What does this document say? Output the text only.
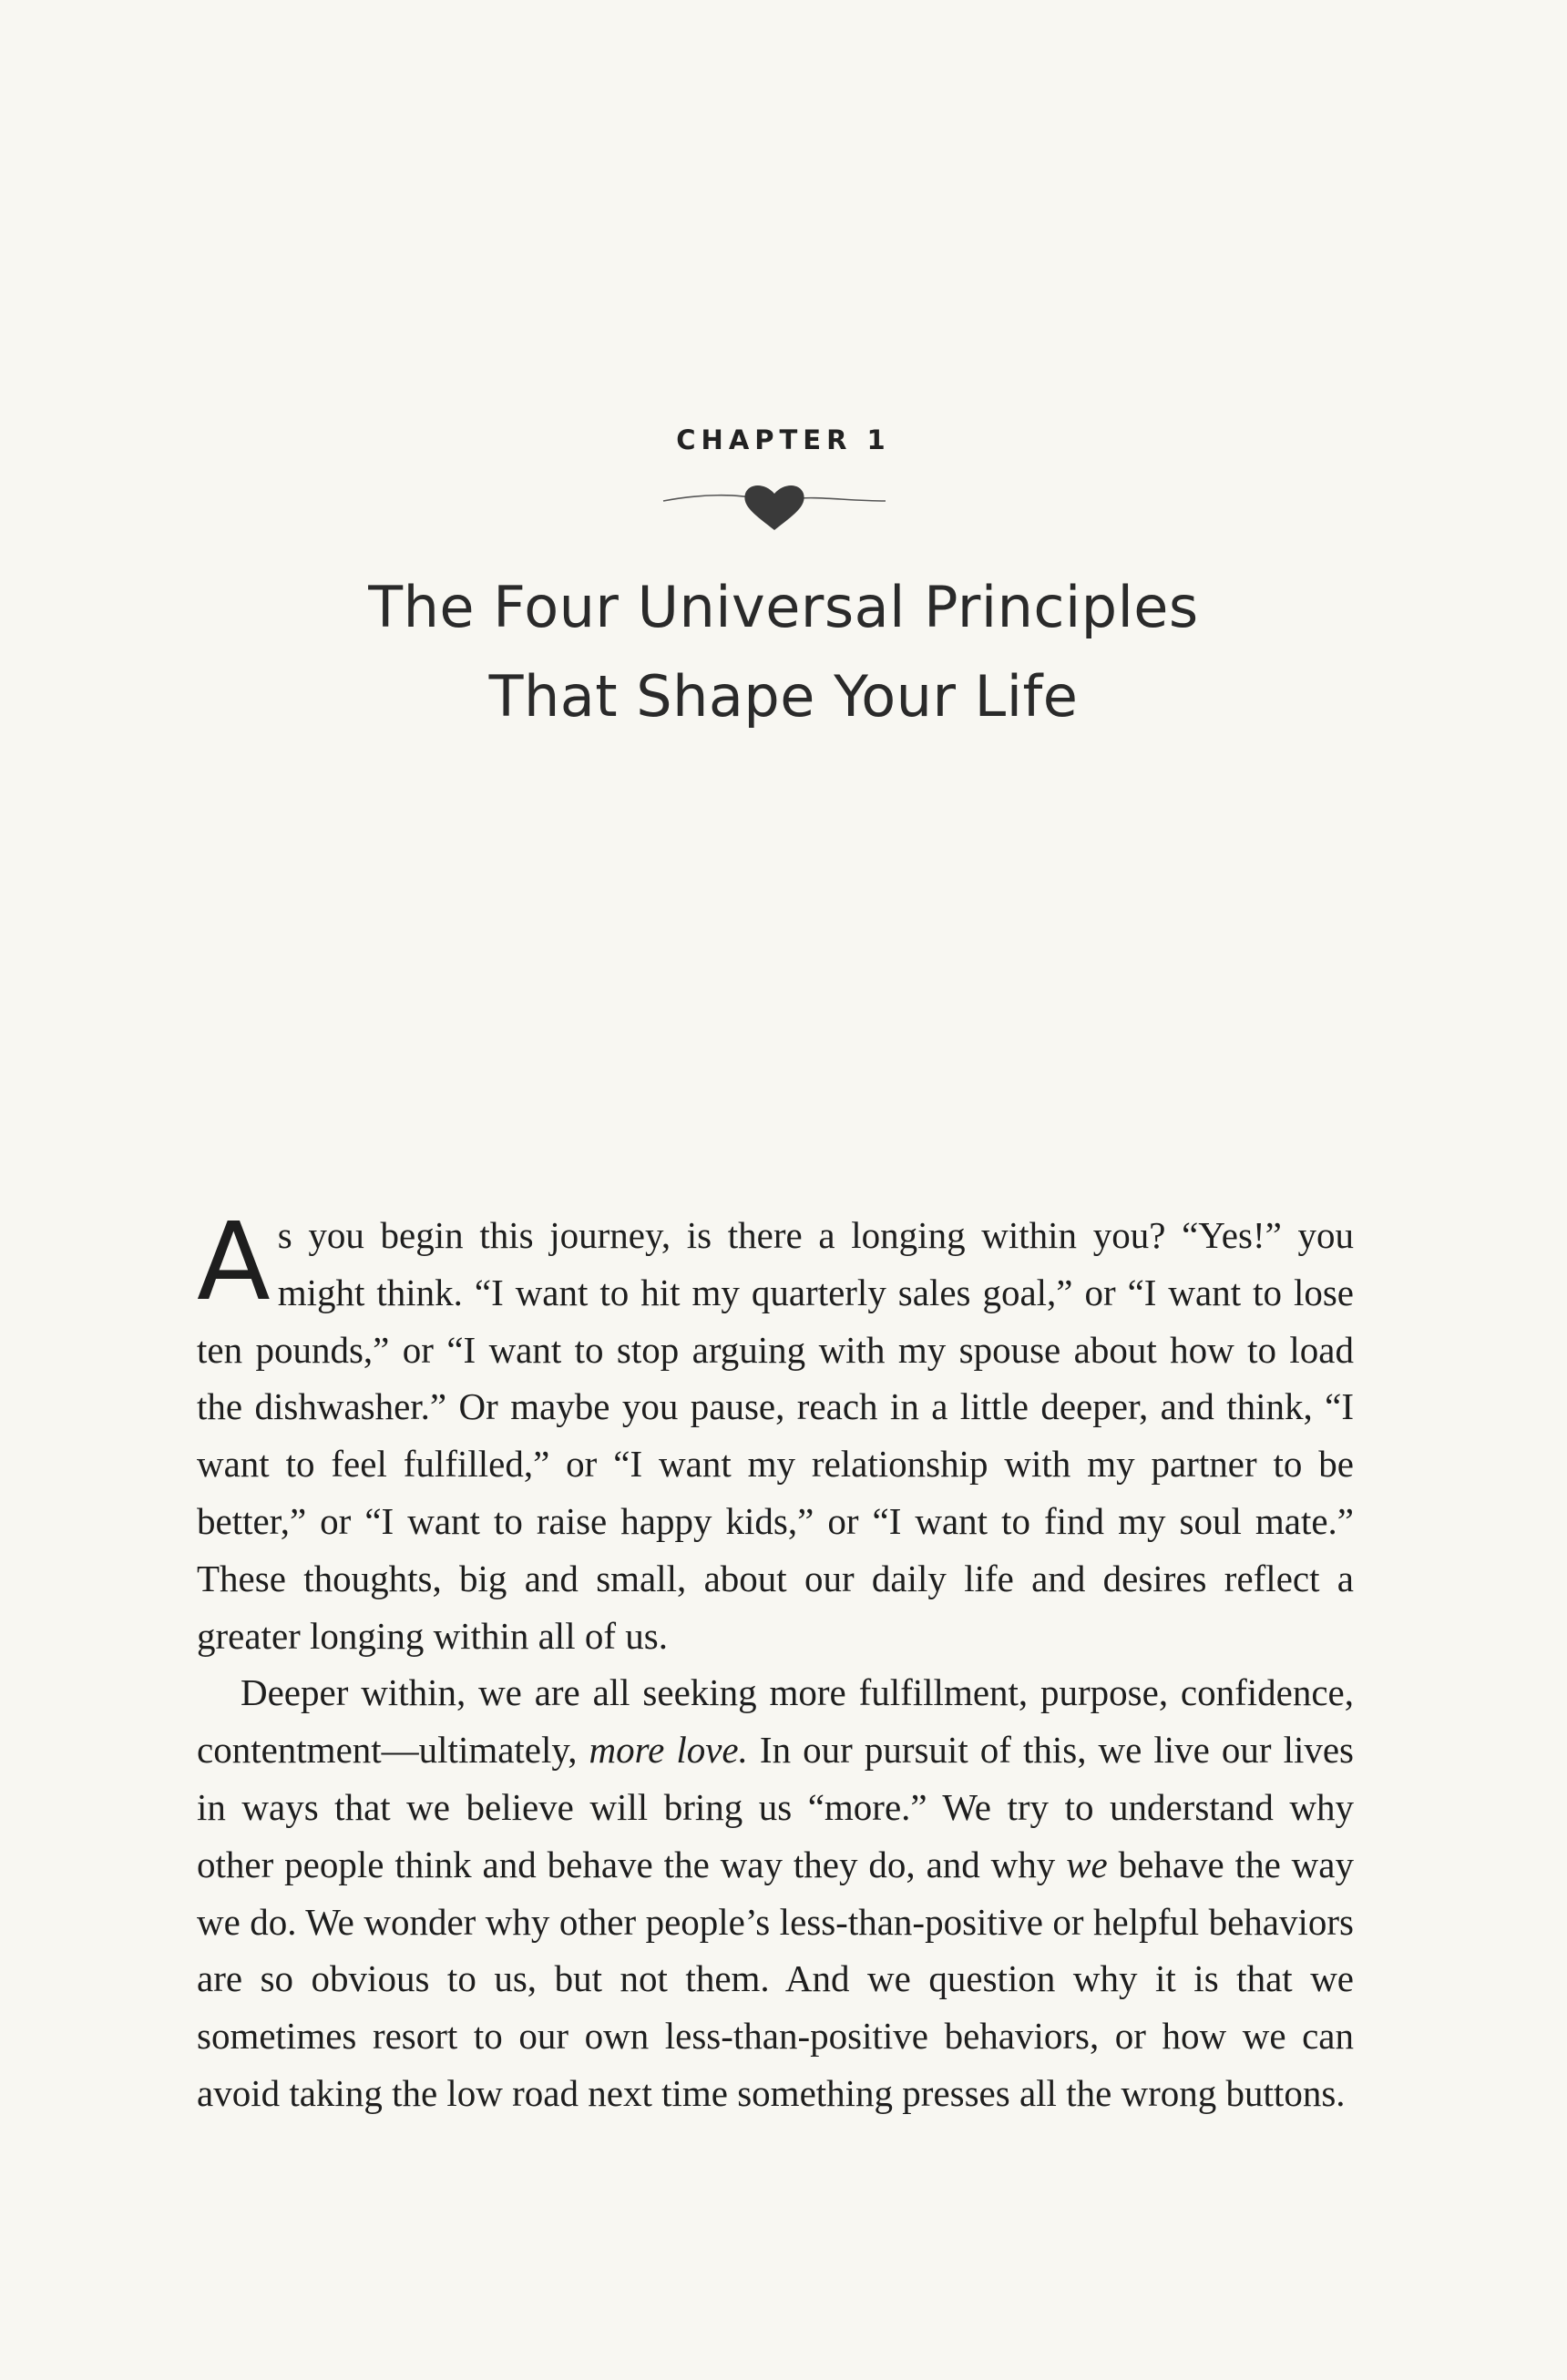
CHAPTER 1
The Four Universal Principles
That Shape Your Life

As you begin this journey, is there a longing within you? “Yes!” you might think. “I want to hit my quarterly sales goal,” or “I want to lose ten pounds,” or “I want to stop arguing with my spouse about how to load the dishwasher.” Or maybe you pause, reach in a little deeper, and think, “I want to feel fulfilled,” or “I want my relationship with my partner to be better,” or “I want to raise happy kids,” or “I want to find my soul mate.” These thoughts, big and small, about our daily life and desires reflect a greater longing within all of us.

Deeper within, we are all seeking more fulfillment, purpose, confidence, contentment—ultimately, more love. In our pursuit of this, we live our lives in ways that we believe will bring us “more.” We try to understand why other people think and behave the way they do, and why we behave the way we do. We wonder why other people’s less-than-positive or helpful behaviors are so obvious to us, but not them. And we question why it is that we sometimes resort to our own less-than-positive behaviors, or how we can avoid taking the low road next time something presses all the wrong buttons.
